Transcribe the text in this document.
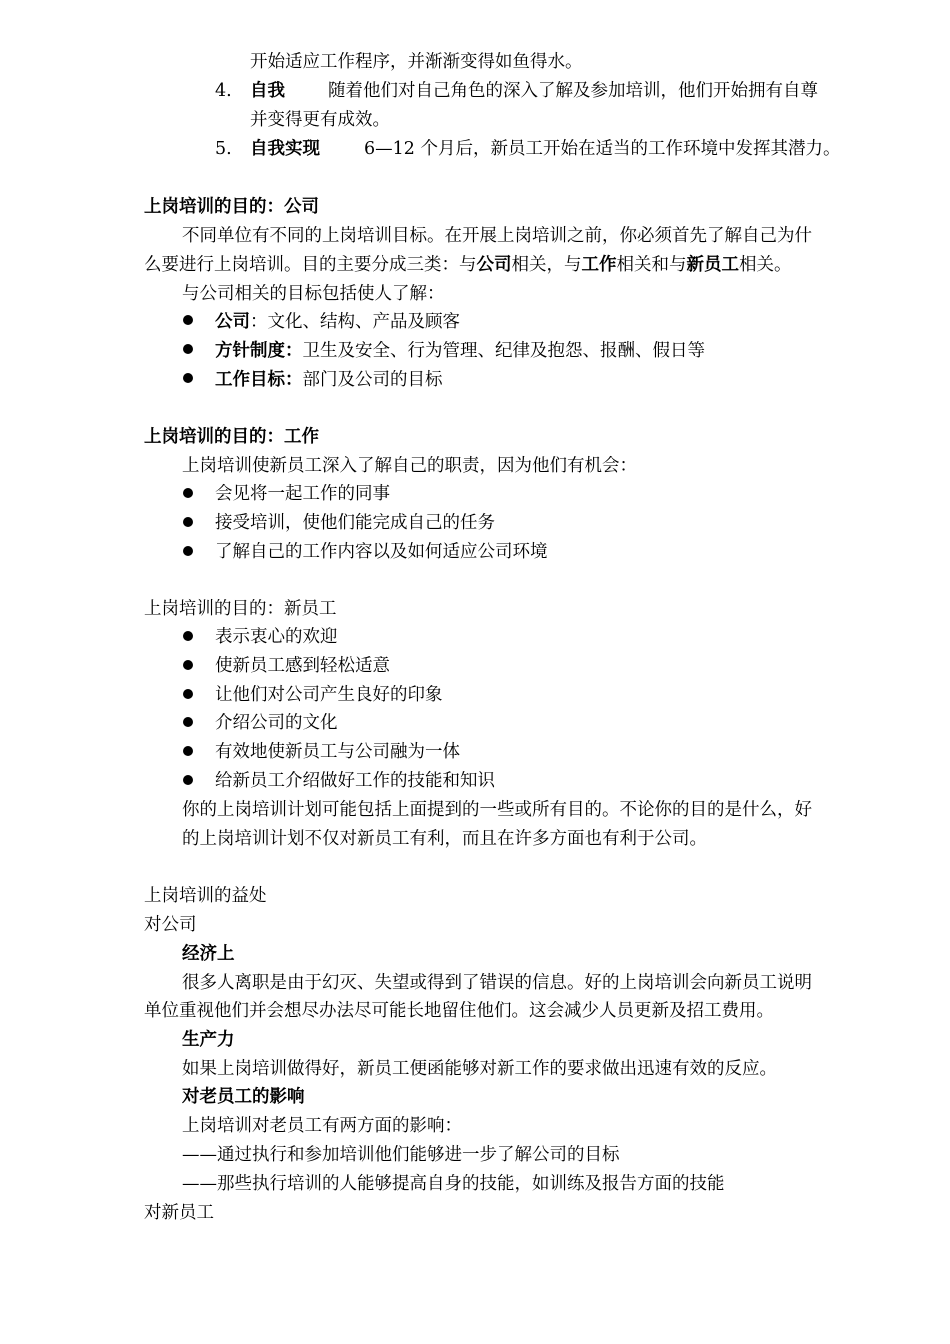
开始适应工作程序，并渐渐变得如鱼得水。
4. 自我 随着他们对自己角色的深入了解及参加培训，他们开始拥有自尊
并变得更有成效。
5. 自我实现	6—12 个月后，新员工开始在适当的工作环境中发挥其潜力。
上岗培训的目的：公司
不同单位有不同的上岗培训目标。在开展上岗培训之前，你必须首先了解自己为什
么要进行上岗培训。目的主要分成三类：与公司相关，与工作相关和与新员工相关。
与公司相关的目标包括使人了解：
公司：文化、结构、产品及顾客
方针制度：卫生及安全、行为管理、纪律及抱怨、报酬、假日等
工作目标：部门及公司的目标
上岗培训的目的：工作
上岗培训使新员工深入了解自己的职责，因为他们有机会：
会见将一起工作的同事
接受培训，使他们能完成自己的任务
了解自己的工作内容以及如何适应公司环境
上岗培训的目的：新员工
表示衷心的欢迎
使新员工感到轻松适意
让他们对公司产生良好的印象
介绍公司的文化
有效地使新员工与公司融为一体
给新员工介绍做好工作的技能和知识
你的上岗培训计划可能包括上面提到的一些或所有目的。不论你的目的是什么，好
的上岗培训计划不仅对新员工有利，而且在许多方面也有利于公司。
上岗培训的益处
对公司
经济上
很多人离职是由于幻灭、失望或得到了错误的信息。好的上岗培训会向新员工说明
单位重视他们并会想尽办法尽可能长地留住他们。这会减少人员更新及招工费用。
生产力
如果上岗培训做得好，新员工便函能够对新工作的要求做出迅速有效的反应。
对老员工的影响
上岗培训对老员工有两方面的影响：
——通过执行和参加培训他们能够进一步了解公司的目标
——那些执行培训的人能够提高自身的技能，如训练及报告方面的技能
对新员工
